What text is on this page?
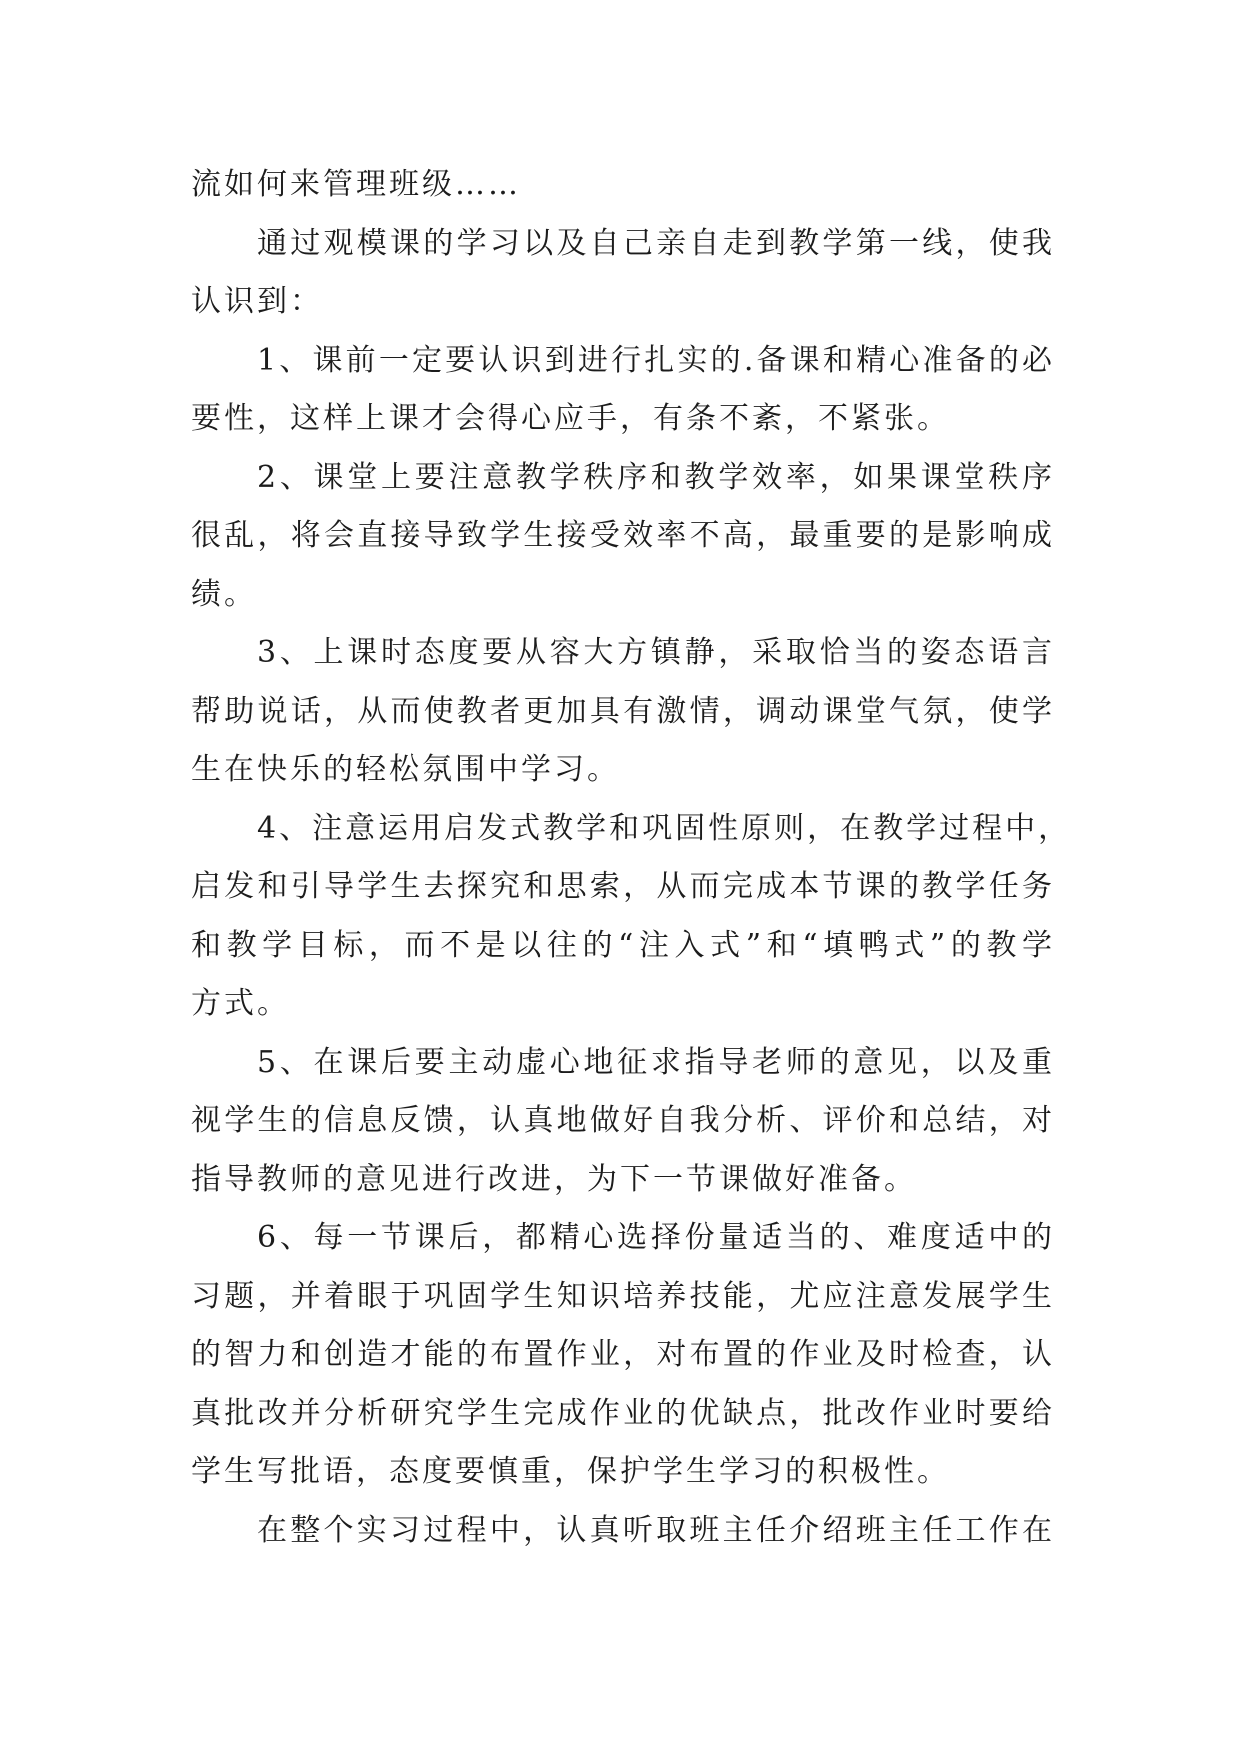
流如何来管理班级……
通过观模课的学习以及自己亲自走到教学第一线，使我
认识到：
1、课前一定要认识到进行扎实的.备课和精心准备的必
要性，这样上课才会得心应手，有条不紊，不紧张。
2、课堂上要注意教学秩序和教学效率，如果课堂秩序
很乱，将会直接导致学生接受效率不高，最重要的是影响成
绩。
3、上课时态度要从容大方镇静，采取恰当的姿态语言
帮助说话，从而使教者更加具有激情，调动课堂气氛，使学
生在快乐的轻松氛围中学习。
4、注意运用启发式教学和巩固性原则，在教学过程中，
启发和引导学生去探究和思索，从而完成本节课的教学任务
和教学目标，而不是以往的“注入式”和“填鸭式”的教学
方式。
5、在课后要主动虚心地征求指导老师的意见，以及重
视学生的信息反馈，认真地做好自我分析、评价和总结，对
指导教师的意见进行改进，为下一节课做好准备。
6、每一节课后，都精心选择份量适当的、难度适中的
习题，并着眼于巩固学生知识培养技能，尤应注意发展学生
的智力和创造才能的布置作业，对布置的作业及时检查，认
真批改并分析研究学生完成作业的优缺点，批改作业时要给
学生写批语，态度要慎重，保护学生学习的积极性。
在整个实习过程中，认真听取班主任介绍班主任工作在
